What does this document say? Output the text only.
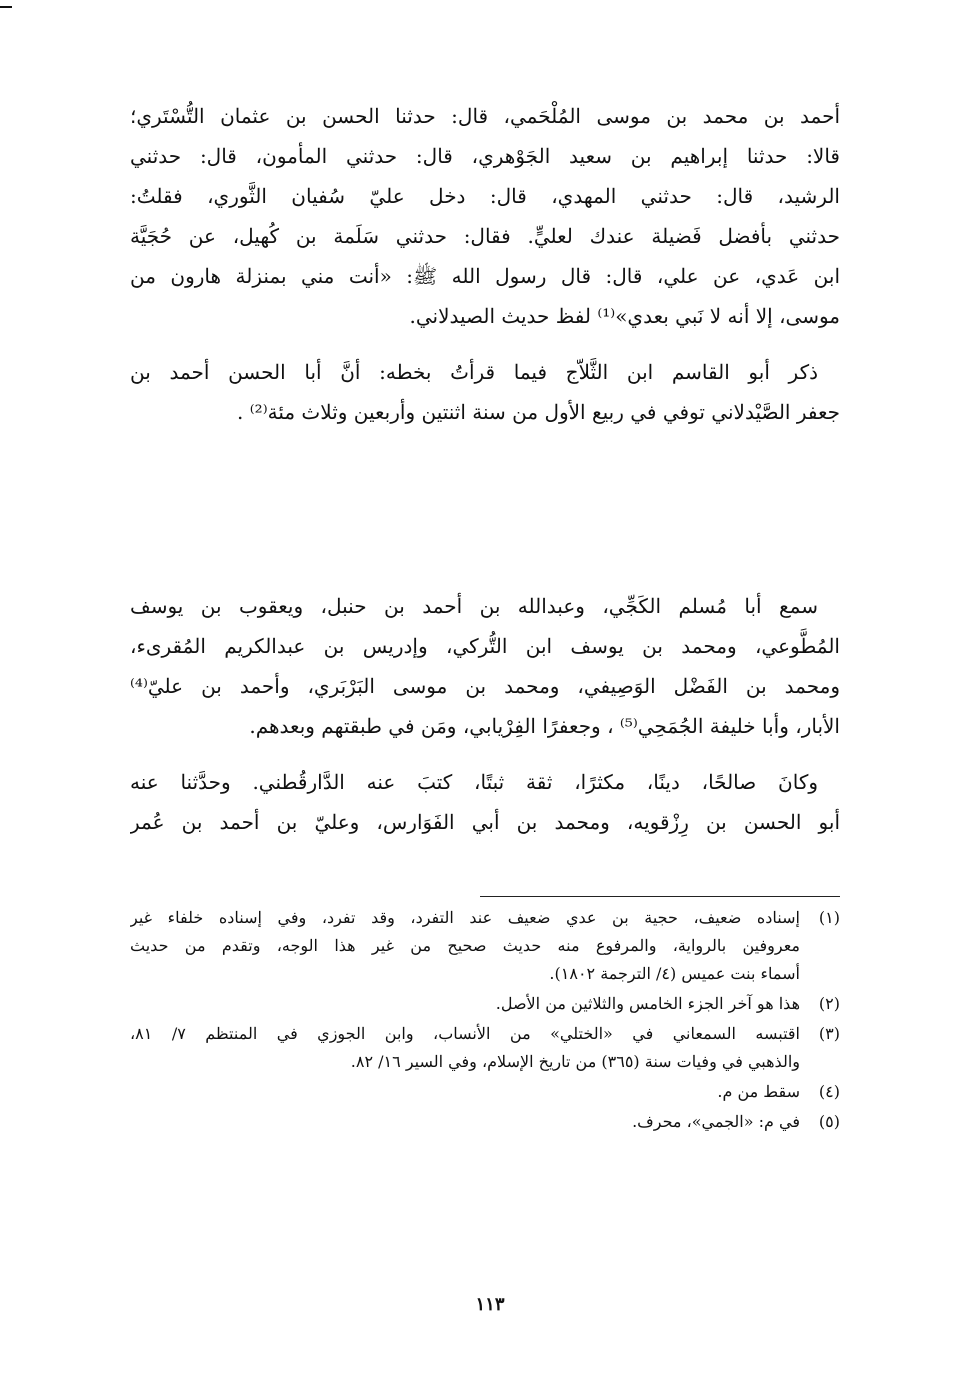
أحمد بن محمد بن موسى المُلْحَمي، قال: حدثنا الحسن بن عثمان التُّسْتَري؛
قالا: حدثنا إبراهيم بن سعيد الجَوْهري، قال: حدثني المأمون، قال: حدثني
الرشيد، قال: حدثني المهدي، قال: دخل عليّ سُفيان الثَّوري، فقلتُ:
حدثني بأفضل فَضيلة عندك لعليٍّ. فقال: حدثني سَلَمة بن كُهيل، عن حُجَيَّة
ابن عَدي، عن علي، قال: قال رسول الله ﷺ: «أنت مني بمنزلة هارون من
موسى، إلا أنه لا نَبي بعدي»⁽¹⁾ لفظ حديث الصيدلاني.
ذكر أبو القاسم ابن الثَّلاّج فيما قرأتُ بخطه: أنَّ أبا الحسن أحمد بن
جعفر الصَّيْدلاني توفي في ربيع الأول من سنة اثنتين وأربعين وثلاث مئة⁽²⁾ .
سمع أبا مُسلم الكَجِّي، وعبدالله بن أحمد بن حنبل، ويعقوب بن يوسف
المُطَّوعي، ومحمد بن يوسف ابن التُّركي، وإدريس بن عبدالكريم المُقرىء،
ومحمد بن الفَضْل الوَصِيفي، ومحمد بن موسى البَرْبَري، وأحمد بن عليّ⁽⁴⁾
الأبار، وأبا خليفة الجُمَحِي⁽⁵⁾ ، وجعفرًا الفِرْيابي، ومَن في طبقتهم وبعدهم.
وكانَ صالحًا، دينًا، مكثرًا، ثقة ثبتًا، كتبَ عنه الدَّارقُطني. وحدَّثنا عنه
أبو الحسن بن رِزْقويه، ومحمد بن أبي الفَوَارس، وعليّ بن أحمد بن عُمر
(١)
إسناده ضعيف، حجية بن عدي ضعيف عند التفرد، وقد تفرد، وفي إسناده خلفاء غير
معروفين بالرواية، والمرفوع منه حديث صحيح من غير هذا الوجه، وتقدم من حديث
أسماء بنت عميس (٤/ الترجمة ١٨٠٢).
(٢)
هذا هو آخر الجزء الخامس والثلاثين من الأصل.
(٣)
اقتبسه السمعاني في «الختلي» من الأنساب، وابن الجوزي في المنتظم ٧/ ٨١،
والذهبي في وفيات سنة (٣٦٥) من تاريخ الإسلام، وفي السير ١٦/ ٨٢.
(٤)
سقط من م.
(٥)
في م: «الجمي»، محرف.
١١٣
